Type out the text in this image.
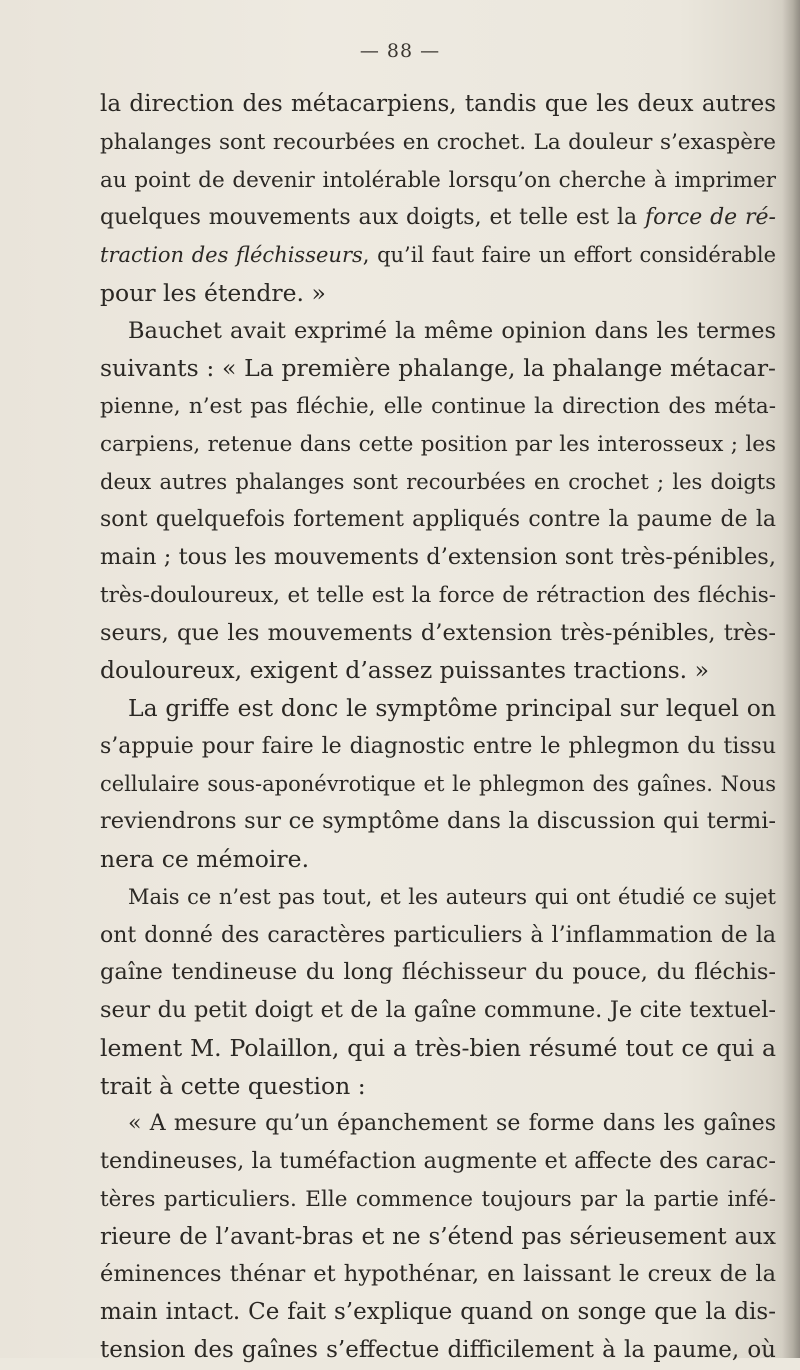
— 88 —
la direction des métacarpiens, tandis que les deux autres
phalanges sont recourbées en crochet. La douleur s’exaspère
au point de devenir intolérable lorsqu’on cherche à imprimer
quelques mouvements aux doigts, et telle est la force de ré-
traction des fléchisseurs, qu’il faut faire un effort considérable
pour les étendre. »
Bauchet avait exprimé la même opinion dans les termes
suivants : « La première phalange, la phalange métacar-
pienne, n’est pas fléchie, elle continue la direction des méta-
carpiens, retenue dans cette position par les interosseux ; les
deux autres phalanges sont recourbées en crochet ; les doigts
sont quelquefois fortement appliqués contre la paume de la
main ; tous les mouvements d’extension sont très-pénibles,
très-douloureux, et telle est la force de rétraction des fléchis-
seurs, que les mouvements d’extension très-pénibles, très-
douloureux, exigent d’assez puissantes tractions. »
La griffe est donc le symptôme principal sur lequel on
s’appuie pour faire le diagnostic entre le phlegmon du tissu
cellulaire sous-aponévrotique et le phlegmon des gaînes. Nous
reviendrons sur ce symptôme dans la discussion qui termi-
nera ce mémoire.
Mais ce n’est pas tout, et les auteurs qui ont étudié ce sujet
ont donné des caractères particuliers à l’inflammation de la
gaîne tendineuse du long fléchisseur du pouce, du fléchis-
seur du petit doigt et de la gaîne commune. Je cite textuel-
lement M. Polaillon, qui a très-bien résumé tout ce qui a
trait à cette question :
« A mesure qu’un épanchement se forme dans les gaînes
tendineuses, la tuméfaction augmente et affecte des carac-
tères particuliers. Elle commence toujours par la partie infé-
rieure de l’avant-bras et ne s’étend pas sérieusement aux
éminences thénar et hypothénar, en laissant le creux de la
main intact. Ce fait s’explique quand on songe que la dis-
tension des gaînes s’effectue difficilement à la paume, où
